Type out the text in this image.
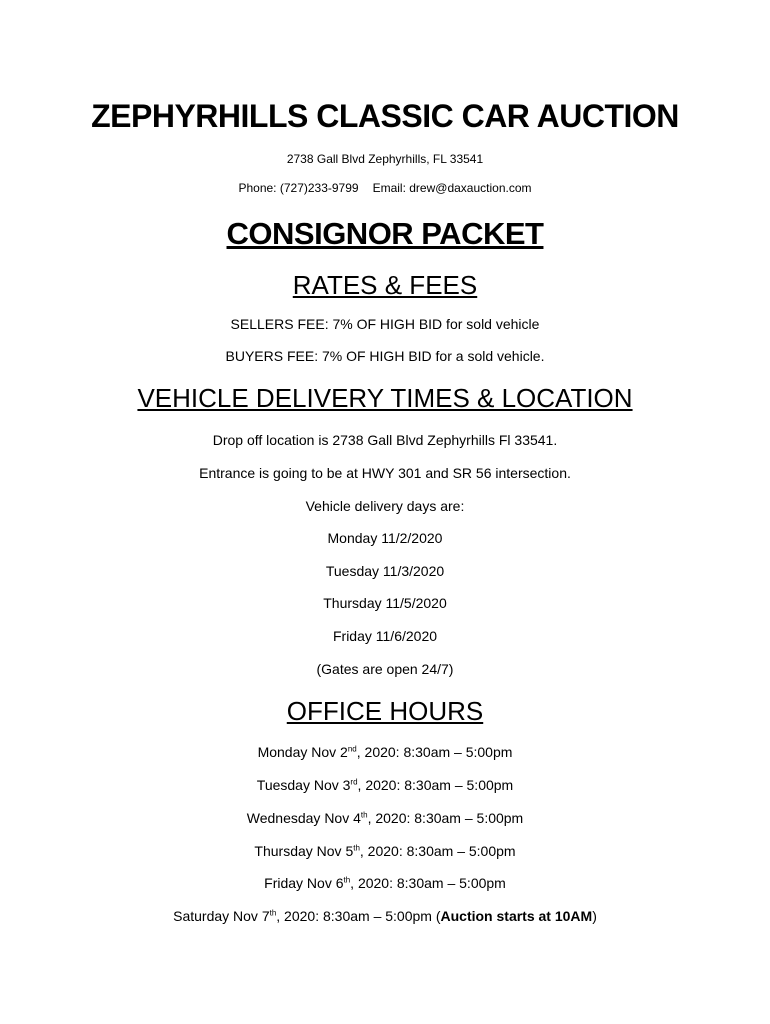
ZEPHYRHILLS CLASSIC CAR AUCTION
2738 Gall Blvd Zephyrhills, FL 33541
Phone: (727)233-9799 Email: drew@daxauction.com
CONSIGNOR PACKET
RATES & FEES
SELLERS FEE: 7% OF HIGH BID for sold vehicle
BUYERS FEE: 7% OF HIGH BID for a sold vehicle.
VEHICLE DELIVERY TIMES & LOCATION
Drop off location is 2738 Gall Blvd Zephyrhills Fl 33541.
Entrance is going to be at HWY 301 and SR 56 intersection.
Vehicle delivery days are:
Monday 11/2/2020
Tuesday 11/3/2020
Thursday 11/5/2020
Friday 11/6/2020
(Gates are open 24/7)
OFFICE HOURS
Monday Nov 2nd, 2020: 8:30am – 5:00pm
Tuesday Nov 3rd, 2020: 8:30am – 5:00pm
Wednesday Nov 4th, 2020: 8:30am – 5:00pm
Thursday Nov 5th, 2020: 8:30am – 5:00pm
Friday Nov 6th, 2020: 8:30am – 5:00pm
Saturday Nov 7th, 2020: 8:30am – 5:00pm (Auction starts at 10AM)
